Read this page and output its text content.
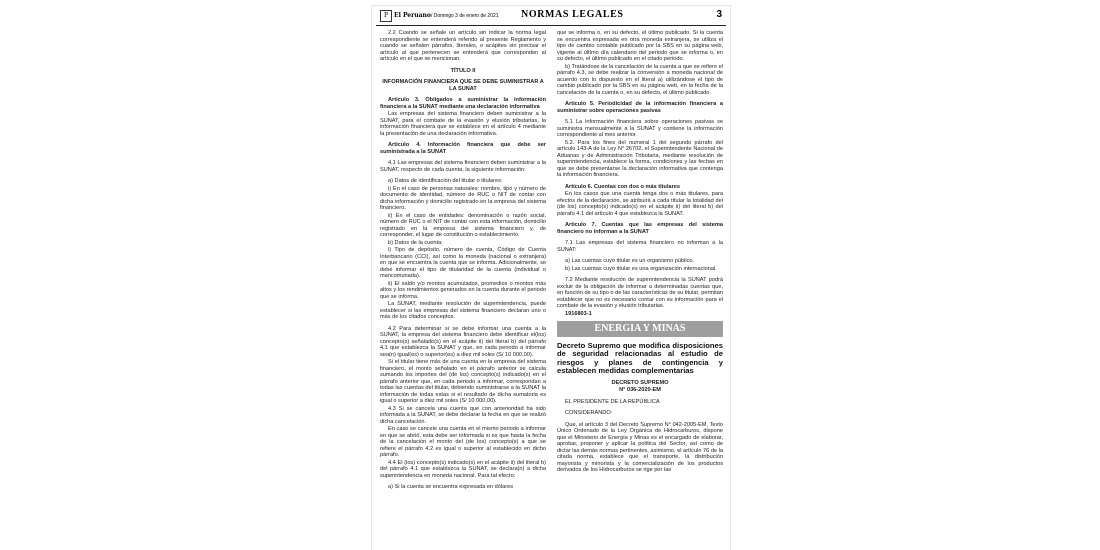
P El Peruano / Domingo 3 de enero de 2021 NORMAS LEGALES	3

2.2 Cuando se señale un artículo sin indicar la norma legal correspondiente se entenderá referido al presente Reglamento y cuando se señalen párrafos, literales, o acápites sin precisar el artículo al que pertenecen se entenderá que corresponden al artículo en el que se mencionan.

TÍTULO II

INFORMACIÓN FINANCIERA QUE SE DEBE SUMINISTRAR A LA SUNAT

Artículo 3. Obligados a suministrar la información financiera a la SUNAT mediante una declaración informativa

Las empresas del sistema financiero deben suministrar a la SUNAT, para el combate de la evasión y elusión tributarias, la información financiera que se establece en el artículo 4 mediante la presentación de una declaración informativa.

Artículo 4. Información financiera que debe ser suministrada a la SUNAT

4.1 Las empresas del sistema financiero deben suministrar a la SUNAT, respecto de cada cuenta, la siguiente información:

a) Datos de identificación del titular o titulares:

i) En el caso de personas naturales: nombre, tipo y número de documento de identidad, número de RUC o NIT de contar con dicha información y domicilio registrado en la empresa del sistema financiero.

ii) En el caso de entidades: denominación o razón social, número de RUC o el NIT de contar con esta información, domicilio registrado en la empresa del sistema financiero y, de corresponder, el lugar de constitución o establecimiento.

b) Datos de la cuenta:

i) Tipo de depósito, número de cuenta, Código de Cuenta Interbancario (CCI), así como la moneda (nacional o extranjera) en que se encuentra la cuenta que se informa. Adicionalmente, se debe informar el tipo de titularidad de la cuenta (individual o mancomunada).

ii) El saldo y/o montos acumulados, promedios o montos más altos y los rendimientos generados en la cuenta durante el periodo que se informa.

La SUNAT, mediante resolución de superintendencia, puede establecer si las empresas del sistema financiero declaran uno o más de los citados conceptos.

4.2 Para determinar si se debe informar una cuenta a la SUNAT, la empresa del sistema financiero debe identificar el(los) concepto(s) señalado(s) en el acápite ii) del literal b) del párrafo 4.1 que establezca la SUNAT y que, en cada periodo a informar sea(n) igual(es) o superior(es) a diez mil soles (S/ 10 000,00).

Si el titular tiene más de una cuenta en la empresa del sistema financiero, el monto señalado en el párrafo anterior se calcula sumando los importes del (de los) concepto(s) indicado(s) en el párrafo anterior que, en cada periodo a informar, correspondan a todas las cuentas del titular, debiendo suministrarse a la SUNAT la información de todas estas si el resultado de dicha sumatoria es igual o superior a diez mil soles (S/ 10 000,00).

4.3 Si se cancela una cuenta que con anterioridad ha sido informada a la SUNAT, se debe declarar la fecha en que se realizó dicha cancelación.

En caso se cancele una cuenta en el mismo periodo a informar en que se abrió, esta debe ser informada si es que hasta la fecha de la cancelación el monto del (de los) concepto(s) a que se refiere el párrafo 4.2 es igual o superior al establecido en dicho párrafo.

4.4 El (los) concepto(s) indicado(s) en el acápite ii) del literal b) del párrafo 4.1 que establezca la SUNAT, se declara(n) a dicha superintendencia en moneda nacional. Para tal efecto:

a) Si la cuenta se encuentra expresada en dólares

que se informa o, en su defecto, el último publicado. Si la cuenta se encuentra expresada en otra moneda extranjera, se utiliza el tipo de cambio contable publicado por la SBS en su página web, vigente al último día calendario del periodo que se informa o, en su defecto, el último publicado en el citado periodo.

b) Tratándose de la cancelación de la cuenta a que se refiere el párrafo 4.3, se debe realizar la conversión a moneda nacional de acuerdo con lo dispuesto en el literal a) utilizándose el tipo de cambio publicado por la SBS en su página web, en la fecha de la cancelación de la cuenta o, en su defecto, el último publicado.

Artículo 5. Periodicidad de la información financiera a suministrar sobre operaciones pasivas

5.1 La información financiera sobre operaciones pasivas se suministra mensualmente a la SUNAT y contiene la información correspondiente al mes anterior.

5.2. Para los fines del numeral 1 del segundo párrafo del artículo 143-A de la Ley N° 26702, el Superintendente Nacional de Aduanas y de Administración Tributaria, mediante resolución de superintendencia, establece la forma, condiciones y las fechas en que se debe presentarse la declaración informativa que contenga la información financiera.

Artículo 6. Cuentas con dos o más titulares

En los casos que una cuenta tenga dos o más titulares, para efectos de la declaración, se atribuirá a cada titular la totalidad del (de los) concepto(s) indicado(s) en el acápite ii) del literal b) del párrafo 4.1 del artículo 4 que establezca la SUNAT.

Artículo 7. Cuentas que las empresas del sistema financiero no informan a la SUNAT

7.1 Las empresas del sistema financiero no informan a la SUNAT:

a) Las cuentas cuyo titular es un organismo público.

b) Las cuentas cuyo titular es una organización internacional.

7.2 Mediante resolución de superintendencia la SUNAT podrá excluir de la obligación de informar a determinadas cuentas que, en función de su tipo o de las características de su titular, permitan establecer que no es necesario contar con su información para el combate de la evasión y elusión tributarias.

1916803-1

ENERGIA Y MINAS
Decreto Supremo que modifica disposiciones de seguridad relacionadas al estudio de riesgos y planes de contingencia y establecen medidas complementarias

DECRETO SUPREMO

N° 036-2020-EM

EL PRESIDENTE DE LA REPÚBLICA

CONSIDERANDO:

Que, el artículo 3 del Decreto Supremo N° 042-2005-EM, Texto Único Ordenado de la Ley Orgánica de Hidrocarburos, dispone que el Ministerio de Energía y Minas es el encargado de elaborar, aprobar, proponer y aplicar la política del Sector, así como de dictar las demás normas pertinentes, asimismo, el artículo 76 de la citada norma, establece que el transporte, la distribución mayorista y minorista y la comercialización de los productos derivados de los Hidrocarburos se rige por las
